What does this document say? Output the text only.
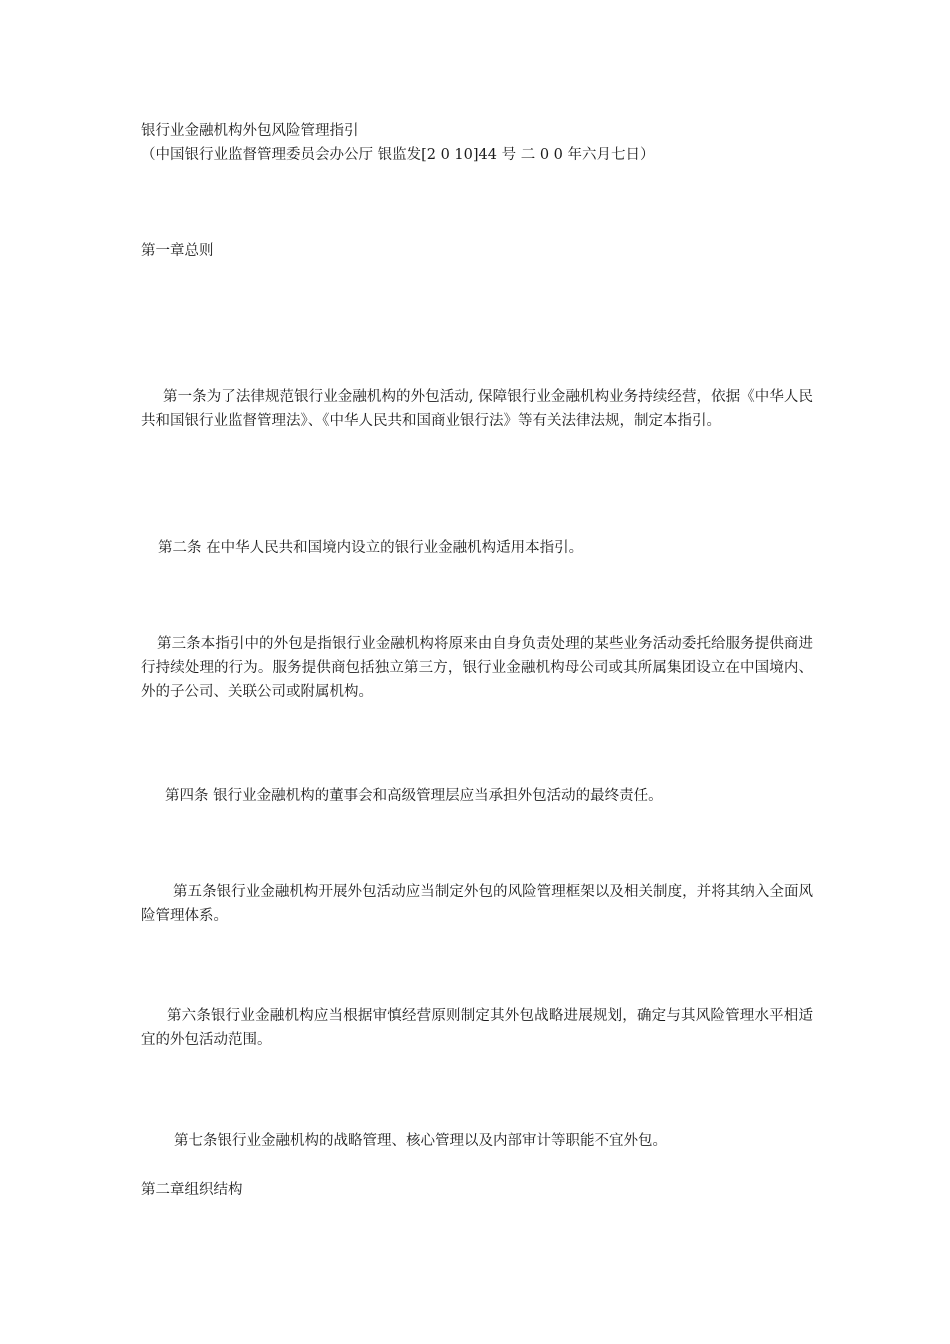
银行业金融机构外包风险管理指引

（中国银行业监督管理委员会办公厅 银监发[2 0 10]44 号 二 0 0 年六月七日）

第一章总则

第一条为了法律规范银行业金融机构的外包活动, 保障银行业金融机构业务持续经营，依据《中华人民共和国银行业监督管理法》、《中华人民共和国商业银行法》等有关法律法规，制定本指引。

第二条 在中华人民共和国境内设立的银行业金融机构适用本指引。

第三条本指引中的外包是指银行业金融机构将原来由自身负责处理的某些业务活动委托给服务提供商进行持续处理的行为。服务提供商包括独立第三方，银行业金融机构母公司或其所属集团设立在中国境内、外的子公司、关联公司或附属机构。

第四条 银行业金融机构的董事会和高级管理层应当承担外包活动的最终责任。

第五条银行业金融机构开展外包活动应当制定外包的风险管理框架以及相关制度，并将其纳入全面风险管理体系。

第六条银行业金融机构应当根据审慎经营原则制定其外包战略进展规划，确定与其风险管理水平相适宜的外包活动范围。

第七条银行业金融机构的战略管理、核心管理以及内部审计等职能不宜外包。

第二章组织结构
